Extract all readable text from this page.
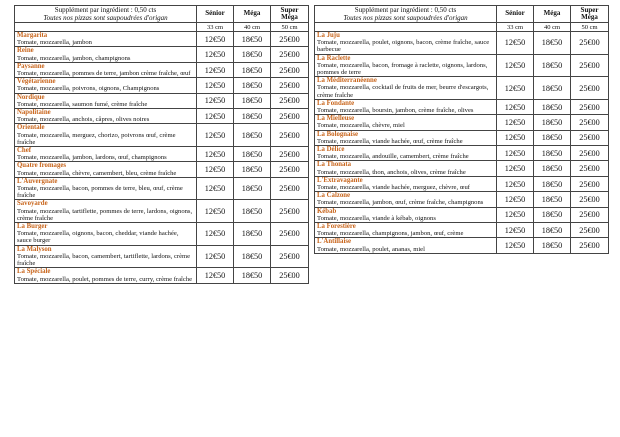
Supplément par ingrédient : 0,50 cts
Toutes nos pizzas sont saupoudrées d'origan	Sénior	Méga	Super Méga
	33 cm	40 cm	50 cm

Margarita
Tomate, mozzarella, jambon	12€50	18€50	25€00

Reine
Tomate, mozzarella, jambon, champignons	12€50	18€50	25€00

Paysanne
Tomate, mozzarella, pommes de terre, jambon crème fraîche, œuf	12€50	18€50	25€00

Végétarienne
Tomate, mozzarella, poivrons, oignons, Champignons	12€50	18€50	25€00

Nordique
Tomate, mozzarella, saumon fumé, crème fraîche	12€50	18€50	25€00

Napolitaine
Tomate, mozzarella, anchois, câpres, olives noires	12€50	18€50	25€00

Orientale
Tomate, mozzarella, merguez, chorizo, poivrons œuf, crème fraîche	12€50	18€50	25€00

Chef
Tomate, mozzarella, jambon, lardons, œuf, champignons	12€50	18€50	25€00

Quatre fromages
Tomate, mozzarella, chèvre, camembert, bleu, crème fraîche	12€50	18€50	25€00

L'Auvergnate
Tomate, mozzarella, bacon, pommes de terre, bleu, œuf, crème fraîche	12€50	18€50	25€00

Savoyarde
Tomate, mozzarella, tartiflette, pommes de terre, lardons, oignons, crème fraîche	12€50	18€50	25€00

La Burger
Tomate, mozzarella, oignons, bacon, cheddar, viande hachée, sauce burger	12€50	18€50	25€00

La Malyson
Tomate, mozzarella, bacon, camembert, tartiflette, lardons, crème fraîche	12€50	18€50	25€00

La Spéciale
Tomate, mozzarella, poulet, pommes de terre, curry, crème fraîche	12€50	18€50	25€00
Supplément par ingrédient : 0,50 cts
Toutes nos pizzas sont saupoudrées d'origan	Sénior	Méga	Super Méga
	33 cm	40 cm	50 cm

La Juju
Tomate, mozzarella, poulet, oignons, bacon, crème fraîche, sauce barbecue	12€50	18€50	25€00

La Raclette
Tomate, mozzarella, bacon, fromage à raclette, oignons, lardons, pommes de terre	12€50	18€50	25€00

La Méditerranéenne
Tomate, mozzarella, cocktail de fruits de mer, beurre d'escargots, crème fraîche	12€50	18€50	25€00

La Fondante
Tomate, mozzarella, boursin, jambon, crème fraîche, olives	12€50	18€50	25€00

La Mielleuse
Tomate, mozzarella, chèvre, miel	12€50	18€50	25€00

La Bolognaise
Tomate, mozzarella, viande hachée, œuf, crème fraîche	12€50	18€50	25€00

La Délice
Tomate, mozzarella, andouille, camembert, crème fraîche	12€50	18€50	25€00

La Thonata
Tomate, mozzarella, thon, anchois, olives, crème fraîche	12€50	18€50	25€00

L'Extravagante
Tomate, mozzarella, viande hachée, merguez, chèvre, œuf	12€50	18€50	25€00

La Calzone
Tomate, mozzarella, jambon, œuf, crème fraîche, champignons	12€50	18€50	25€00

Kébab
Tomate, mozzarella, viande à kébab, oignons	12€50	18€50	25€00

La Forestière
Tomate, mozzarella, champignons, jambon, œuf, crème	12€50	18€50	25€00

L'Antillaise
Tomate, mozzarella, poulet, ananas, miel	12€50	18€50	25€00
